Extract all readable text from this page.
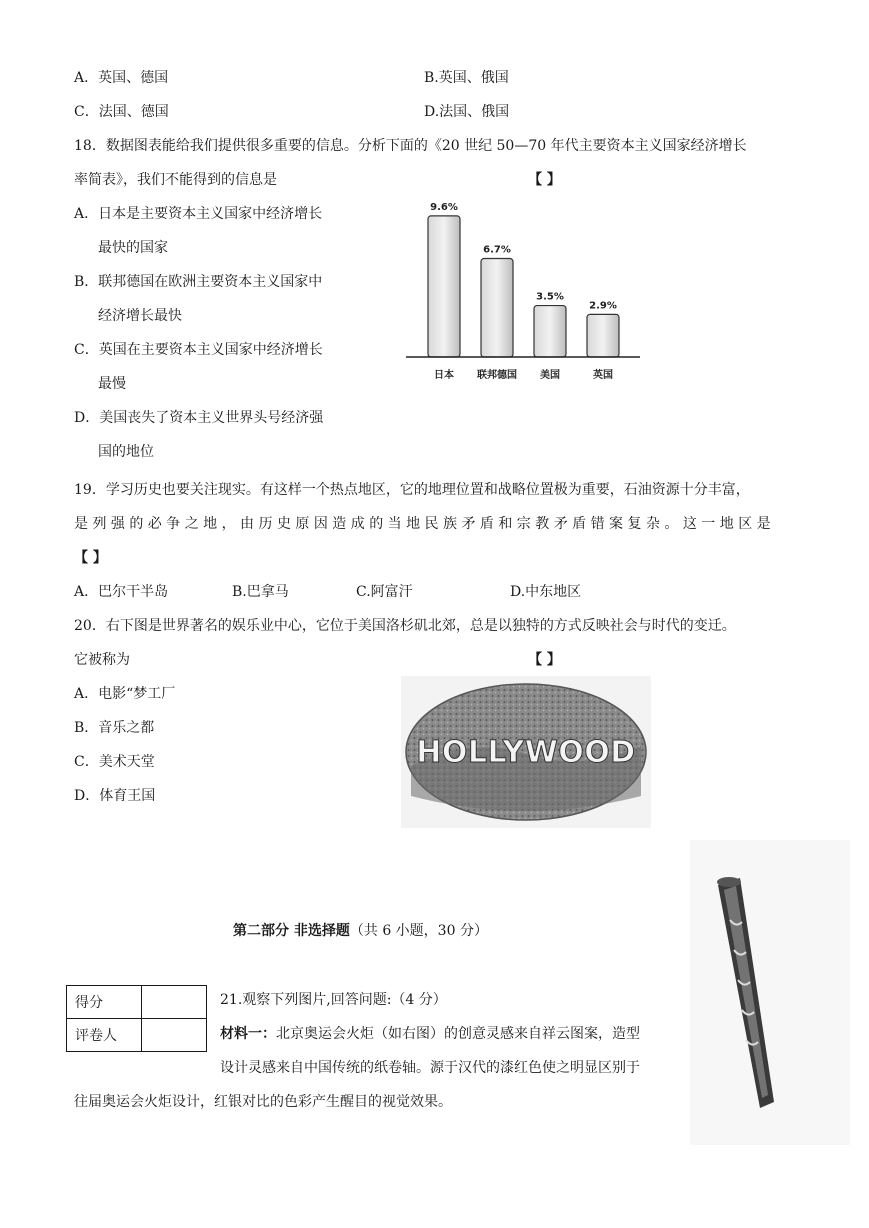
A．英国、德国	B.英国、俄国
C．法国、德国	D.法国、俄国
18．数据图表能给我们提供很多重要的信息。分析下面的《20 世纪 50—70 年代主要资本主义国家经济增长
率简表》，我们不能得到的信息是	【 】
A．日本是主要资本主义国家中经济增长
最快的国家
B．联邦德国在欧洲主要资本主义国家中
经济增长最快
C．英国在主要资本主义国家中经济增长
最慢
D．美国丧失了资本主义世界头号经济强
国的地位
9.6%
日本
6.7%
联邦德国
3.5%
美国
2.9%
英国
19．学习历史也要关注现实。有这样一个热点地区，它的地理位置和战略位置极为重要，石油资源十分丰富，
是 列 强 的 必 争 之 地 ， 由 历 史 原 因 造 成 的 当 地 民 族 矛 盾 和 宗 教 矛 盾 错 案 复 杂 。 这 一 地 区 是
【 】
A．巴尔干半岛	B.巴拿马	C.阿富汗	D.中东地区
20．右下图是世界著名的娱乐业中心，它位于美国洛杉矶北郊，总是以独特的方式反映社会与时代的变迁。
它被称为	【 】
A．电影“梦工厂
B．音乐之都
C．美术天堂
D．体育王国
HOLLYWOOD
第二部分 非选择题（共 6 小题，30 分）
得分	
评卷人	
21.观察下列图片,回答问题:（4 分）
材料一：北京奥运会火炬（如右图）的创意灵感来自祥云图案，造型
设计灵感来自中国传统的纸卷轴。源于汉代的漆红色使之明显区别于
往届奥运会火炬设计，红银对比的色彩产生醒目的视觉效果。
